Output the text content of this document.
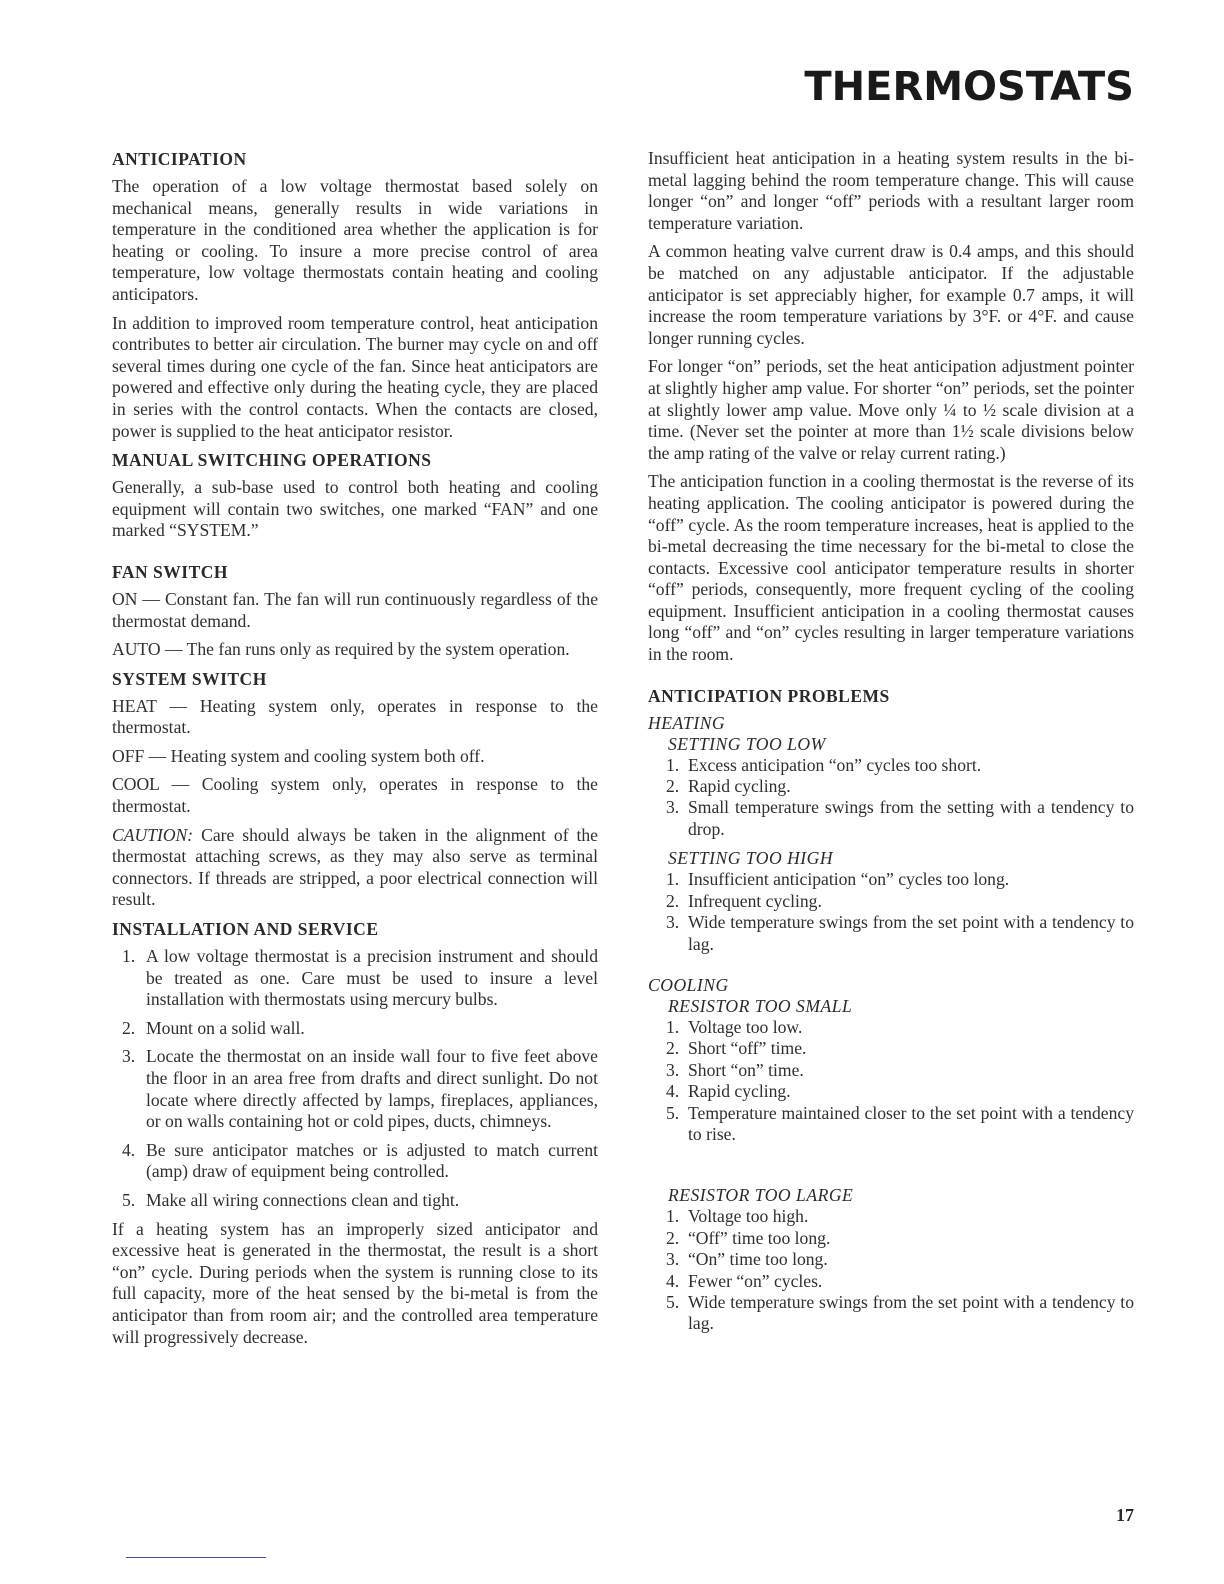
THERMOSTATS
ANTICIPATION

The operation of a low voltage thermostat based solely on mechanical means, generally results in wide variations in temperature in the conditioned area whether the application is for heating or cooling. To insure a more precise control of area temperature, low voltage thermostats contain heating and cooling anticipators.

In addition to improved room temperature control, heat anticipation contributes to better air circulation. The burner may cycle on and off several times during one cycle of the fan. Since heat anticipators are powered and effective only during the heating cycle, they are placed in series with the control contacts. When the contacts are closed, power is supplied to the heat anticipator resistor.

MANUAL SWITCHING OPERATIONS

Generally, a sub-base used to control both heating and cooling equipment will contain two switches, one marked “FAN” and one marked “SYSTEM.”

FAN SWITCH

ON — Constant fan. The fan will run continuously regardless of the thermostat demand.

AUTO — The fan runs only as required by the system operation.

SYSTEM SWITCH

HEAT — Heating system only, operates in response to the thermostat.

OFF — Heating system and cooling system both off.

COOL — Cooling system only, operates in response to the thermostat.

CAUTION: Care should always be taken in the alignment of the thermostat attaching screws, as they may also serve as terminal connectors. If threads are stripped, a poor electrical connection will result.

INSTALLATION AND SERVICE
1. A low voltage thermostat is a precision instrument and should be treated as one. Care must be used to insure a level installation with thermostats using mercury bulbs.
2. Mount on a solid wall.
3. Locate the thermostat on an inside wall four to five feet above the floor in an area free from drafts and direct sunlight. Do not locate where directly affected by lamps, fireplaces, appliances, or on walls containing hot or cold pipes, ducts, chimneys.
4. Be sure anticipator matches or is adjusted to match current (amp) draw of equipment being controlled.
5. Make all wiring connections clean and tight.

If a heating system has an improperly sized anticipator and excessive heat is generated in the thermostat, the result is a short “on” cycle. During periods when the system is running close to its full capacity, more of the heat sensed by the bi-metal is from the anticipator than from room air; and the controlled area temperature will progressively decrease.

Insufficient heat anticipation in a heating system results in the bi-metal lagging behind the room temperature change. This will cause longer “on” and longer “off” periods with a resultant larger room temperature variation.

A common heating valve current draw is 0.4 amps, and this should be matched on any adjustable anticipator. If the adjustable anticipator is set appreciably higher, for example 0.7 amps, it will increase the room temperature variations by 3°F. or 4°F. and cause longer running cycles.

For longer “on” periods, set the heat anticipation adjustment pointer at slightly higher amp value. For shorter “on” periods, set the pointer at slightly lower amp value. Move only ¼ to ½ scale division at a time. (Never set the pointer at more than 1½ scale divisions below the amp rating of the valve or relay current rating.)

The anticipation function in a cooling thermostat is the reverse of its heating application. The cooling anticipator is powered during the “off” cycle. As the room temperature increases, heat is applied to the bi-metal decreasing the time necessary for the bi-metal to close the contacts. Excessive cool anticipator temperature results in shorter “off” periods, consequently, more frequent cycling of the cooling equipment. Insufficient anticipation in a cooling thermostat causes long “off” and “on” cycles resulting in larger temperature variations in the room.

ANTICIPATION PROBLEMS
HEATING
SETTING TOO LOW
1. Excess anticipation “on” cycles too short.
2. Rapid cycling.
3. Small temperature swings from the setting with a tendency to drop.
SETTING TOO HIGH
1. Insufficient anticipation “on” cycles too long.
2. Infrequent cycling.
3. Wide temperature swings from the set point with a tendency to lag.
COOLING
RESISTOR TOO SMALL
1. Voltage too low.
2. Short “off” time.
3. Short “on” time.
4. Rapid cycling.
5. Temperature maintained closer to the set point with a tendency to rise.
RESISTOR TOO LARGE
1. Voltage too high.
2. “Off” time too long.
3. “On” time too long.
4. Fewer “on” cycles.
5. Wide temperature swings from the set point with a tendency to lag.
17
